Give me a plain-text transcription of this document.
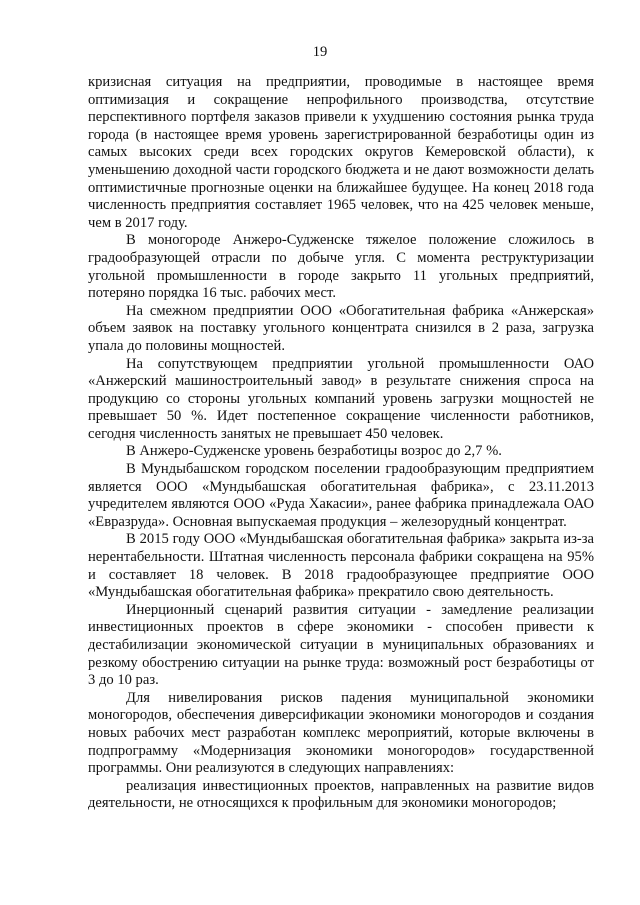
19

кризисная ситуация на предприятии, проводимые в настоящее время оптимизация и сокращение непрофильного производства, отсутствие перспективного портфеля заказов привели к ухудшению состояния рынка труда города (в настоящее время уровень зарегистрированной безработицы один из самых высоких среди всех городских округов Кемеровской области), к уменьшению доходной части городского бюджета и не дают возможности делать оптимистичные прогнозные оценки на ближайшее будущее. На конец 2018 года численность предприятия составляет 1965 человек, что на 425 человек меньше, чем в 2017 году.

В моногороде Анжеро-Судженске тяжелое положение сложилось в градообразующей отрасли по добыче угля. С момента реструктуризации угольной промышленности в городе закрыто 11 угольных предприятий, потеряно порядка 16 тыс. рабочих мест.

На смежном предприятии ООО «Обогатительная фабрика «Анжерская» объем заявок на поставку угольного концентрата снизился в 2 раза, загрузка упала до половины мощностей.

На сопутствующем предприятии угольной промышленности ОАО «Анжерский машиностроительный завод» в результате снижения спроса на продукцию со стороны угольных компаний уровень загрузки мощностей не превышает 50 %. Идет постепенное сокращение численности работников, сегодня численность занятых не превышает 450 человек.

В Анжеро-Судженске уровень безработицы возрос до 2,7 %.

В Мундыбашском городском поселении градообразующим предприятием является ООО «Мундыбашская обогатительная фабрика», с 23.11.2013 учредителем являются ООО «Руда Хакасии», ранее фабрика принадлежала ОАО «Евразруда». Основная выпускаемая продукция – железорудный концентрат.

В 2015 году ООО «Мундыбашская обогатительная фабрика» закрыта из-за нерентабельности. Штатная численность персонала фабрики сокращена на 95% и составляет 18 человек. В 2018 градообразующее предприятие ООО «Мундыбашская обогатительная фабрика» прекратило свою деятельность.

Инерционный сценарий развития ситуации - замедление реализации инвестиционных проектов в сфере экономики - способен привести к дестабилизации экономической ситуации в муниципальных образованиях и резкому обострению ситуации на рынке труда: возможный рост безработицы от 3 до 10 раз.

Для нивелирования рисков падения муниципальной экономики моногородов, обеспечения диверсификации экономики моногородов и создания новых рабочих мест разработан комплекс мероприятий, которые включены в подпрограмму «Модернизация экономики моногородов» государственной программы. Они реализуются в следующих направлениях:

реализация инвестиционных проектов, направленных на развитие видов деятельности, не относящихся к профильным для экономики моногородов;
